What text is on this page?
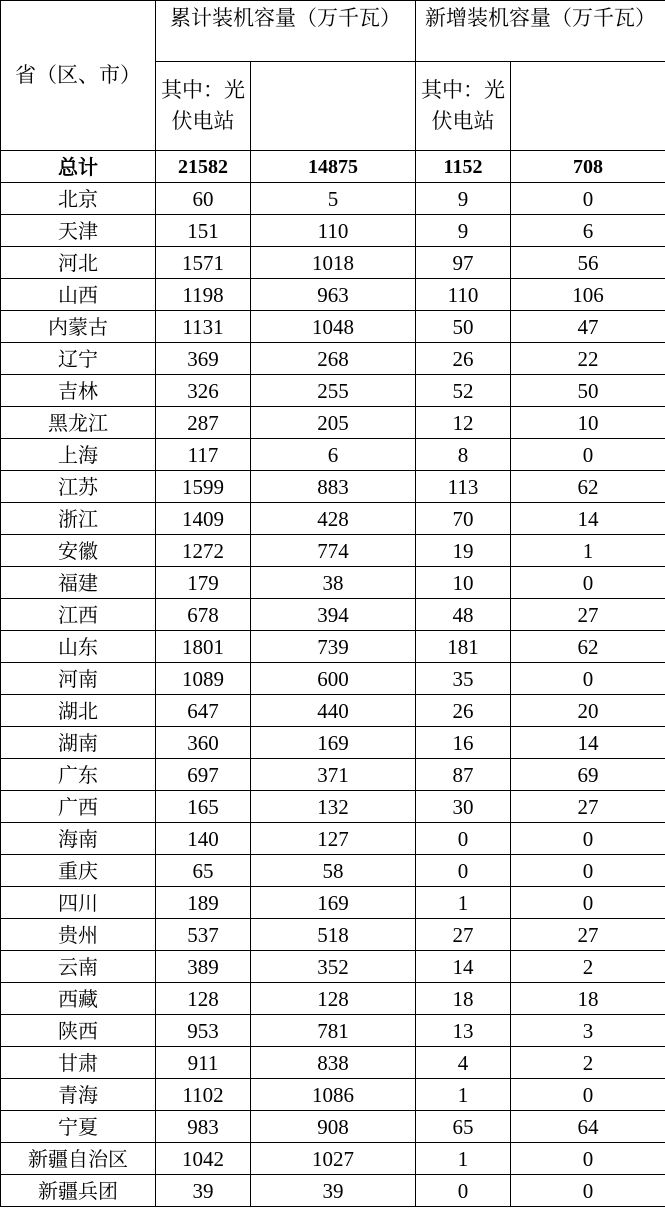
省（区、市）	累计装机容量（万千瓦）		新增装机容量（万千瓦）	
	其中：光伏电站		其中：光伏电站	
总计	21582	14875	1152	708
北京	60	5	9	0
天津	151	110	9	6
河北	1571	1018	97	56
山西	1198	963	110	106
内蒙古	1131	1048	50	47
辽宁	369	268	26	22
吉林	326	255	52	50
黑龙江	287	205	12	10
上海	117	6	8	0
江苏	1599	883	113	62
浙江	1409	428	70	14
安徽	1272	774	19	1
福建	179	38	10	0
江西	678	394	48	27
山东	1801	739	181	62
河南	1089	600	35	0
湖北	647	440	26	20
湖南	360	169	16	14
广东	697	371	87	69
广西	165	132	30	27
海南	140	127	0	0
重庆	65	58	0	0
四川	189	169	1	0
贵州	537	518	27	27
云南	389	352	14	2
西藏	128	128	18	18
陕西	953	781	13	3
甘肃	911	838	4	2
青海	1102	1086	1	0
宁夏	983	908	65	64
新疆自治区	1042	1027	1	0
新疆兵团	39	39	0	0
